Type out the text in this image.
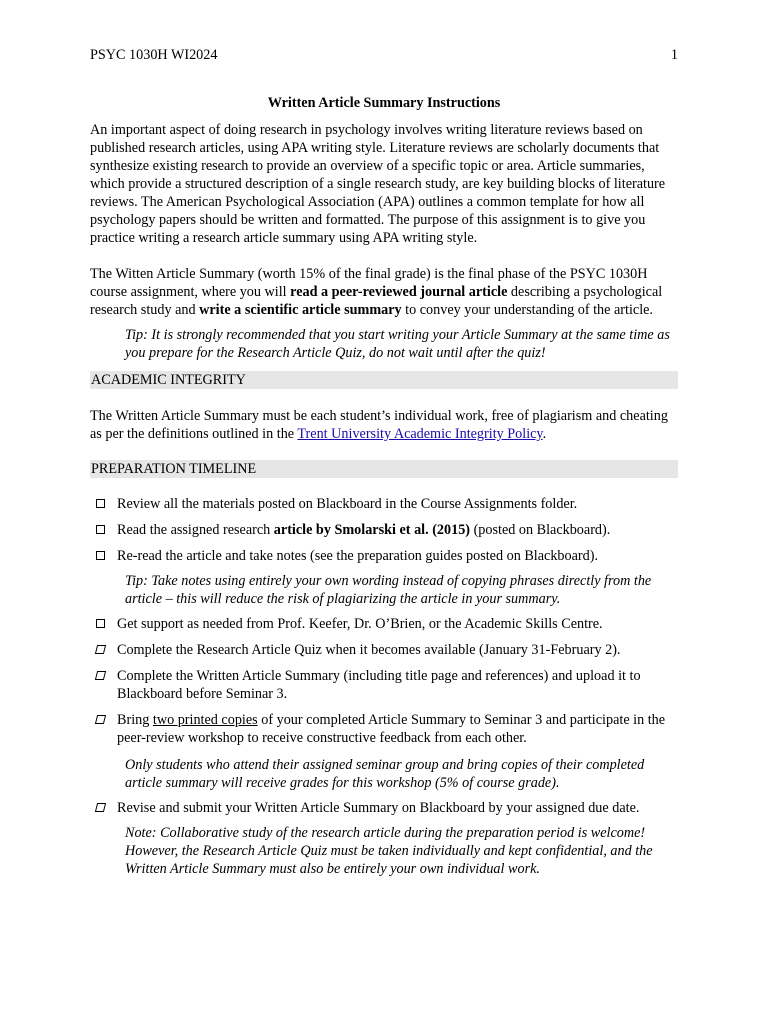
PSYC 1030H WI2024	1

Written Article Summary Instructions

An important aspect of doing research in psychology involves writing literature reviews based on published research articles, using APA writing style. Literature reviews are scholarly documents that synthesize existing research to provide an overview of a specific topic or area. Article summaries, which provide a structured description of a single research study, are key building blocks of literature reviews. The American Psychological Association (APA) outlines a common template for how all psychology papers should be written and formatted. The purpose of this assignment is to give you practice writing a research article summary using APA writing style.

The Witten Article Summary (worth 15% of the final grade) is the final phase of the PSYC 1030H course assignment, where you will read a peer-reviewed journal article describing a psychological research study and write a scientific article summary to convey your understanding of the article.

Tip: It is strongly recommended that you start writing your Article Summary at the same time as you prepare for the Research Article Quiz, do not wait until after the quiz!

ACADEMIC INTEGRITY

The Written Article Summary must be each student’s individual work, free of plagiarism and cheating as per the definitions outlined in the Trent University Academic Integrity Policy.

PREPARATION TIMELINE
Review all the materials posted on Blackboard in the Course Assignments folder.
Read the assigned research article by Smolarski et al. (2015) (posted on Blackboard).
Re-read the article and take notes (see the preparation guides posted on Blackboard).

Tip: Take notes using entirely your own wording instead of copying phrases directly from the article – this will reduce the risk of plagiarizing the article in your summary.

Get support as needed from Prof. Keefer, Dr. O’Brien, or the Academic Skills Centre.
Complete the Research Article Quiz when it becomes available (January 31-February 2).
Complete the Written Article Summary (including title page and references) and upload it to Blackboard before Seminar 3.
Bring two printed copies of your completed Article Summary to Seminar 3 and participate in the peer-review workshop to receive constructive feedback from each other.

Only students who attend their assigned seminar group and bring copies of their completed article summary will receive grades for this workshop (5% of course grade).

Revise and submit your Written Article Summary on Blackboard by your assigned due date.

Note: Collaborative study of the research article during the preparation period is welcome! However, the Research Article Quiz must be taken individually and kept confidential, and the Written Article Summary must also be entirely your own individual work.
